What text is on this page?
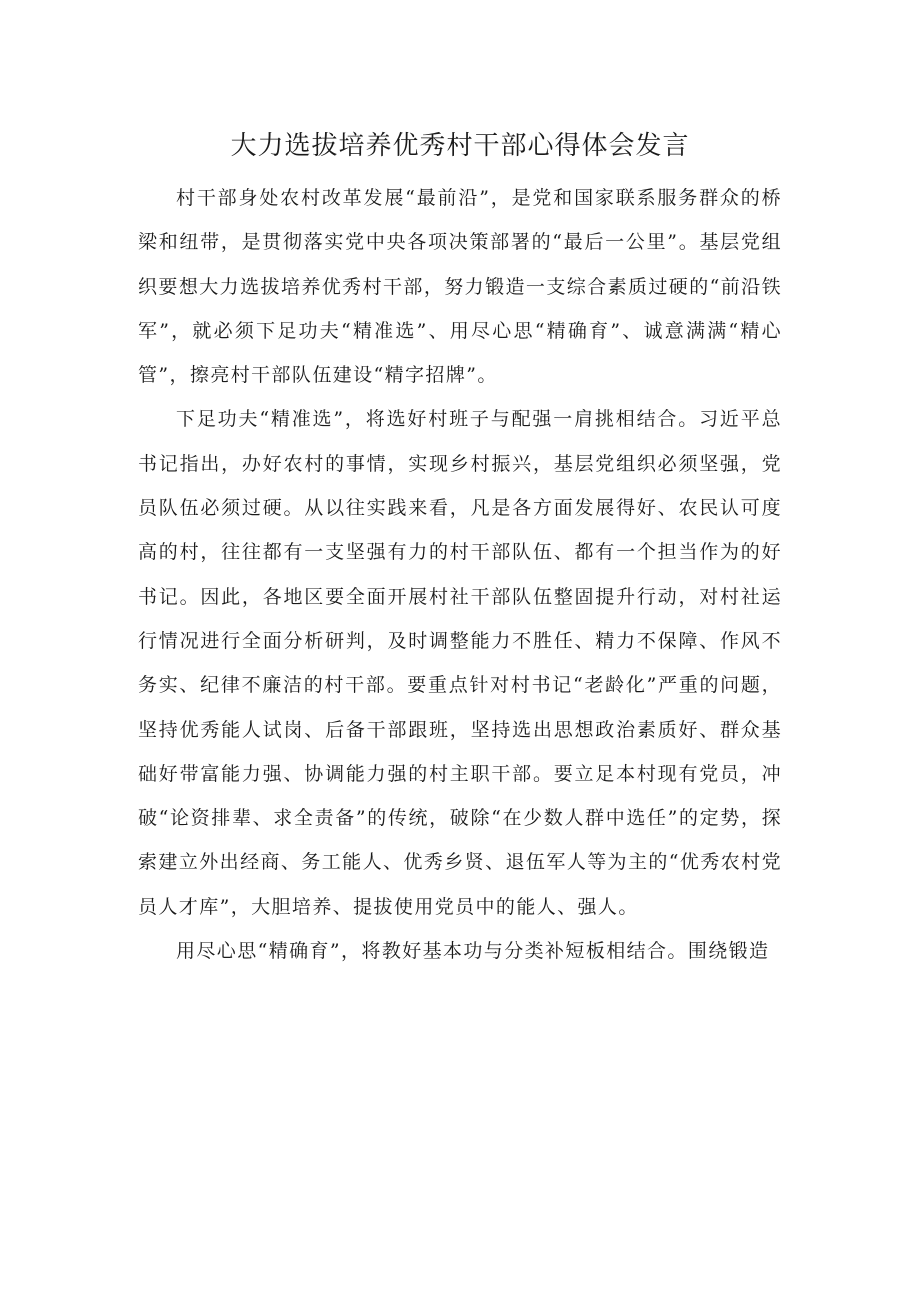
大力选拔培养优秀村干部心得体会发言

村干部身处农村改革发展“最前沿”，是党和国家联系服务群众的桥梁和纽带，是贯彻落实党中央各项决策部署的“最后一公里”。基层党组织要想大力选拔培养优秀村干部，努力锻造一支综合素质过硬的“前沿铁军”，就必须下足功夫“精准选”、用尽心思“精确育”、诚意满满“精心管”，擦亮村干部队伍建设“精字招牌”。

下足功夫“精准选”，将选好村班子与配强一肩挑相结合。习近平总书记指出，办好农村的事情，实现乡村振兴，基层党组织必须坚强，党员队伍必须过硬。从以往实践来看，凡是各方面发展得好、农民认可度高的村，往往都有一支坚强有力的村干部队伍、都有一个担当作为的好书记。因此，各地区要全面开展村社干部队伍整固提升行动，对村社运行情况进行全面分析研判，及时调整能力不胜任、精力不保障、作风不务实、纪律不廉洁的村干部。要重点针对村书记“老龄化”严重的问题，坚持优秀能人试岗、后备干部跟班，坚持选出思想政治素质好、群众基础好带富能力强、协调能力强的村主职干部。要立足本村现有党员，冲破“论资排辈、求全责备”的传统，破除“在少数人群中选任”的定势，探索建立外出经商、务工能人、优秀乡贤、退伍军人等为主的“优秀农村党员人才库”，大胆培养、提拔使用党员中的能人、强人。

用尽心思“精确育”，将教好基本功与分类补短板相结合。围绕锻造
